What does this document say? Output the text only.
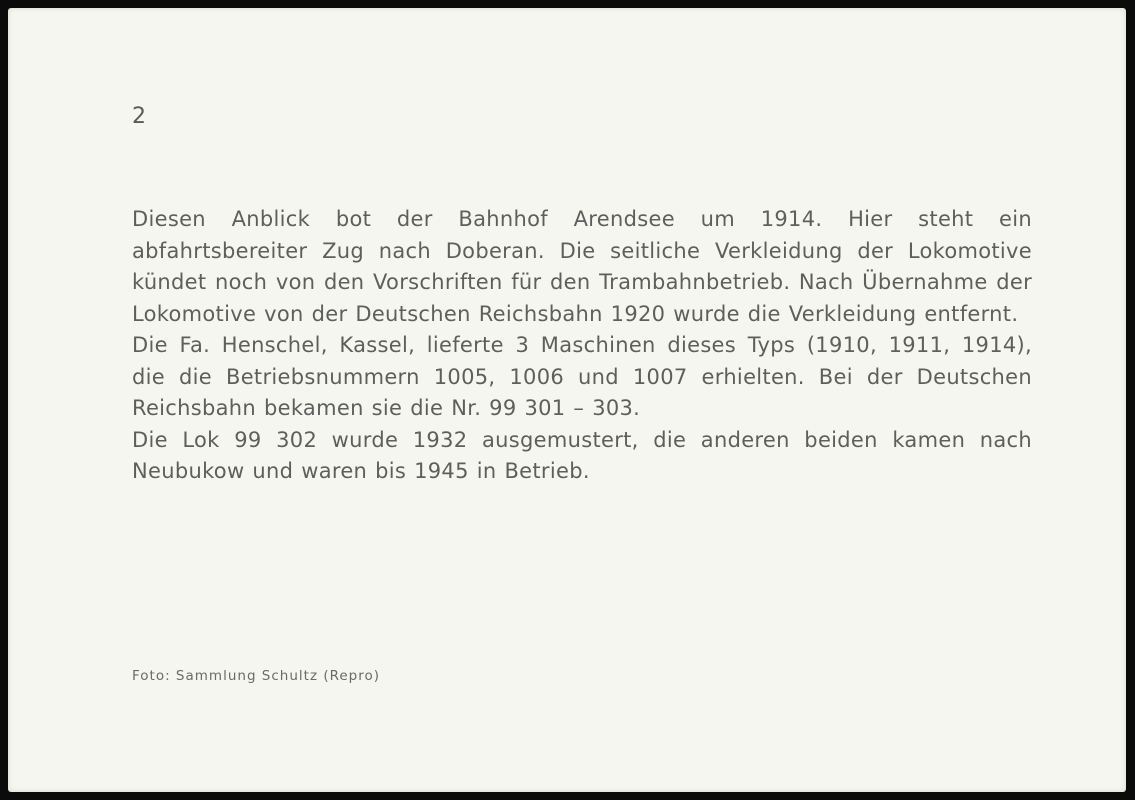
2

Diesen Anblick bot der Bahnhof Arendsee um 1914. Hier steht ein abfahrtsbereiter Zug nach Doberan. Die seitliche Verkleidung der Lokomotive kündet noch von den Vorschriften für den Trambahnbetrieb. Nach Übernahme der Lokomotive von der Deutschen Reichsbahn 1920 wurde die Verkleidung entfernt.

Die Fa. Henschel, Kassel, lieferte 3 Maschinen dieses Typs (1910, 1911, 1914), die die Betriebsnummern 1005, 1006 und 1007 erhielten. Bei der Deutschen Reichsbahn bekamen sie die Nr. 99 301 – 303.

Die Lok 99 302 wurde 1932 ausgemustert, die anderen beiden kamen nach Neubukow und waren bis 1945 in Betrieb.

Foto: Sammlung Schultz (Repro)
